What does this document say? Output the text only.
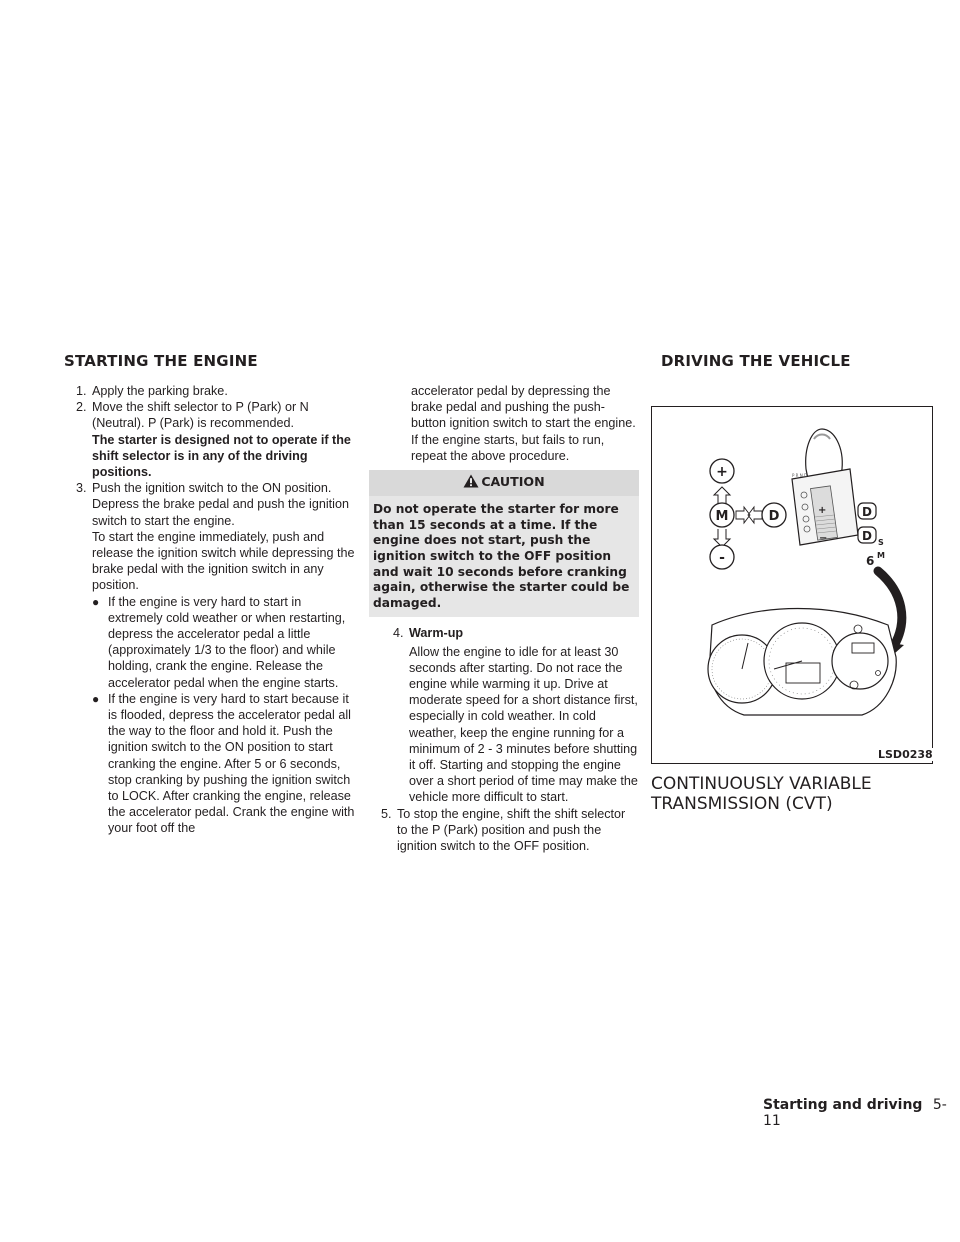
STARTING THE ENGINE	DRIVING THE VEHICLE

1. Apply the parking brake.

2. Move the shift selector to P (Park) or N (Neutral). P (Park) is recommended.

The starter is designed not to operate if the shift selector is in any of the driving positions.

3. Push the ignition switch to the ON position. Depress the brake pedal and push the ignition switch to start the engine.

To start the engine immediately, push and release the ignition switch while depressing the brake pedal with the ignition switch in any position.

● If the engine is very hard to start in extremely cold weather or when restarting, depress the accelerator pedal a little (approximately 1/3 to the floor) and while holding, crank the engine. Release the accelerator pedal when the engine starts.

● If the engine is very hard to start because it is flooded, depress the accelerator pedal all the way to the floor and hold it. Push the ignition switch to the ON position to start cranking the engine. After 5 or 6 seconds, stop cranking by pushing the ignition switch to LOCK. After cranking the engine, release the accelerator pedal. Crank the engine with your foot off the

accelerator pedal by depressing the brake pedal and pushing the push-button ignition switch to start the engine. If the engine starts, but fails to run, repeat the above procedure.

CAUTION
Do not operate the starter for more than 15 seconds at a time. If the engine does not start, push the ignition switch to the OFF position and wait 10 seconds before cranking again, otherwise the starter could be damaged.

4. Warm-up

Allow the engine to idle for at least 30 seconds after starting. Do not race the engine while warming it up. Drive at moderate speed for a short distance first, especially in cold weather. In cold weather, keep the engine running for a minimum of 2 - 3 minutes before shutting it off. Starting and stopping the engine over a short period of time may make the vehicle more difficult to start.

5. To stop the engine, shift the shift selector to the P (Park) position and push the ignition switch to the OFF position.

+
−
P R N D
+
M	D
-
D
D S
6 M
LSD0238
CONTINUOUSLY VARIABLE
TRANSMISSION (CVT)
Starting and driving 5-11
